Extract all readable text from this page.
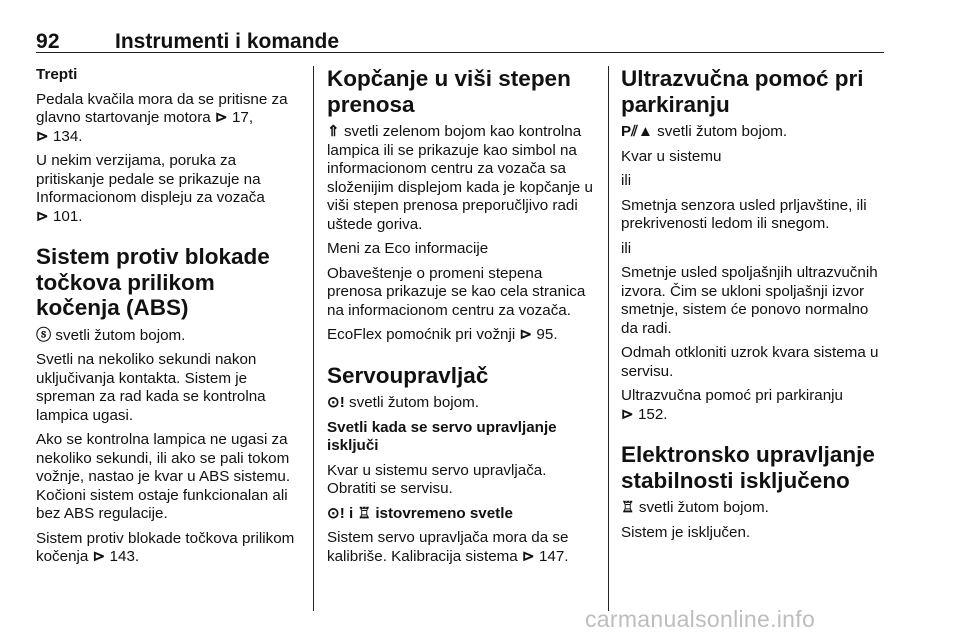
92	Instrumenti i komande
Trepti

Pedala kvačila mora da se pritisne za glavno startovanje motora ⊳ 17,
⊳ 134.

U nekim verzijama, poruka za pritiskanje pedale se prikazuje na Informacionom displeju za vozača
⊳ 101.

Sistem protiv blokade točkova prilikom kočenja (ABS)

ⓢ svetli žutom bojom.

Svetli na nekoliko sekundi nakon uključivanja kontakta. Sistem je spreman za rad kada se kontrolna lampica ugasi.

Ako se kontrolna lampica ne ugasi za nekoliko sekundi, ili ako se pali tokom vožnje, nastao je kvar u ABS sistemu. Kočioni sistem ostaje funkcionalan ali bez ABS regulacije.

Sistem protiv blokade točkova prilikom kočenja ⊳ 143.

Kopčanje u viši stepen prenosa

⇑ svetli zelenom bojom kao kontrolna lampica ili se prikazuje kao simbol na informacionom centru za vozača sa složenijim displejom kada je kopčanje u viši stepen prenosa preporučljivo radi uštede goriva.

Meni za Eco informacije

Obaveštenje o promeni stepena prenosa prikazuje se kao cela stranica na informacionom centru za vozača.

EcoFlex pomoćnik pri vožnji ⊳ 95.

Servoupravljač

⊙! svetli žutom bojom.

Svetli kada se servo upravljanje isključi

Kvar u sistemu servo upravljača. Obratiti se servisu.

⊙! i ♖ istovremeno svetle

Sistem servo upravljača mora da se kalibriše. Kalibracija sistema ⊳ 147.

Ultrazvučna pomoć pri parkiranju

P⫽▲ svetli žutom bojom.

Kvar u sistemu

ili

Smetnja senzora usled prljavštine, ili prekrivenosti ledom ili snegom.

ili

Smetnje usled spoljašnjih ultrazvučnih izvora. Čim se ukloni spoljašnji izvor smetnje, sistem će ponovo normalno da radi.

Odmah otkloniti uzrok kvara sistema u servisu.

Ultrazvučna pomoć pri parkiranju
⊳ 152.

Elektronsko upravljanje stabilnosti isključeno

♖ svetli žutom bojom.

Sistem je isključen.

carmanualsonline.info
